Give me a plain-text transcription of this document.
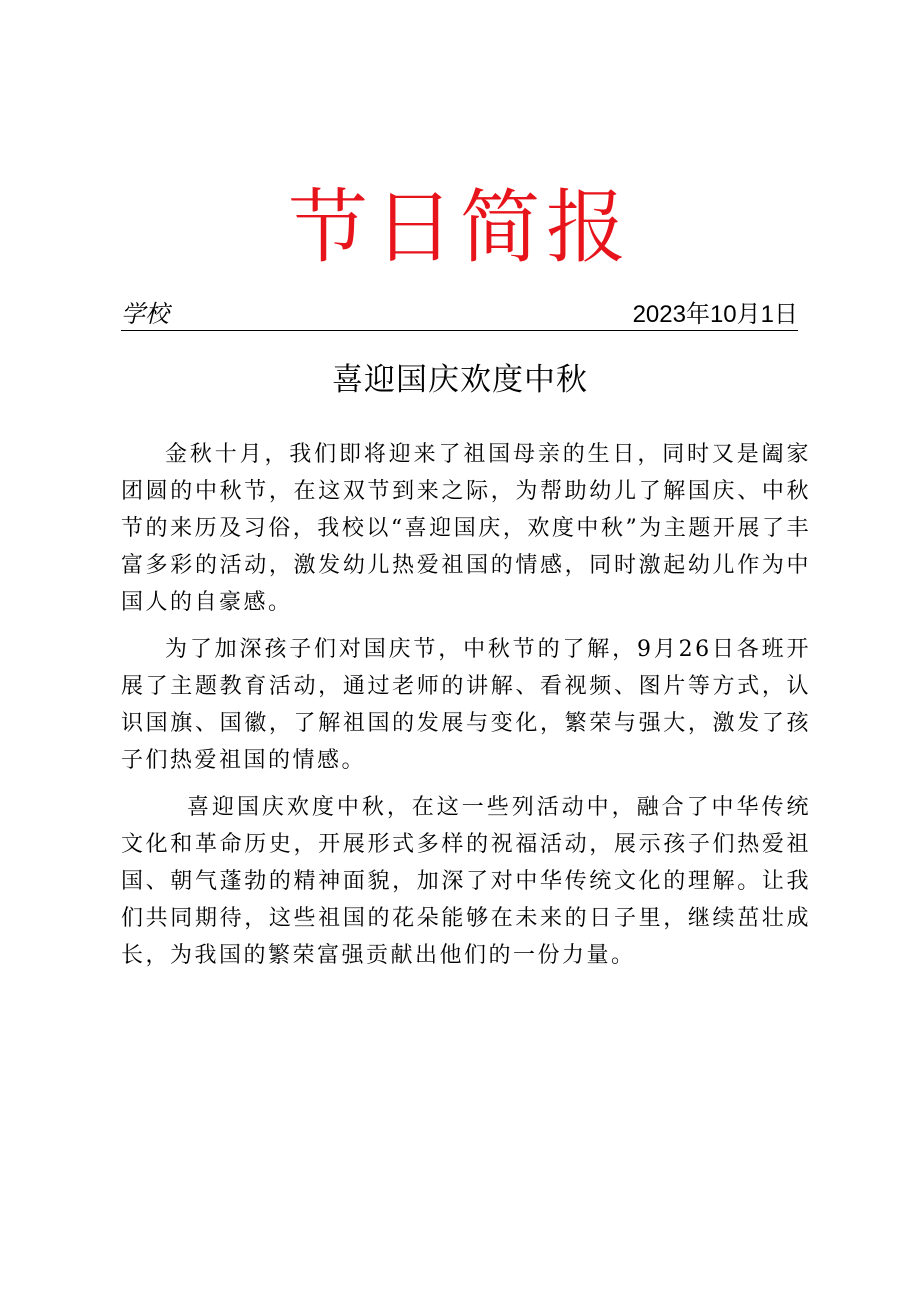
节日简报
学校	2023年10月1日
喜迎国庆欢度中秋

金秋十月，我们即将迎来了祖国母亲的生日，同时又是阖家团圆的中秋节，在这双节到来之际，为帮助幼儿了解国庆、中秋节的来历及习俗，我校以“喜迎国庆，欢度中秋”为主题开展了丰富多彩的活动，激发幼儿热爱祖国的情感，同时激起幼儿作为中国人的自豪感。

为了加深孩子们对国庆节，中秋节的了解，9月26日各班开展了主题教育活动，通过老师的讲解、看视频、图片等方式，认识国旗、国徽，了解祖国的发展与变化，繁荣与强大，激发了孩子们热爱祖国的情感。

喜迎国庆欢度中秋，在这一些列活动中，融合了中华传统文化和革命历史，开展形式多样的祝福活动，展示孩子们热爱祖国、朝气蓬勃的精神面貌，加深了对中华传统文化的理解。让我们共同期待，这些祖国的花朵能够在未来的日子里，继续茁壮成长，为我国的繁荣富强贡献出他们的一份力量。
